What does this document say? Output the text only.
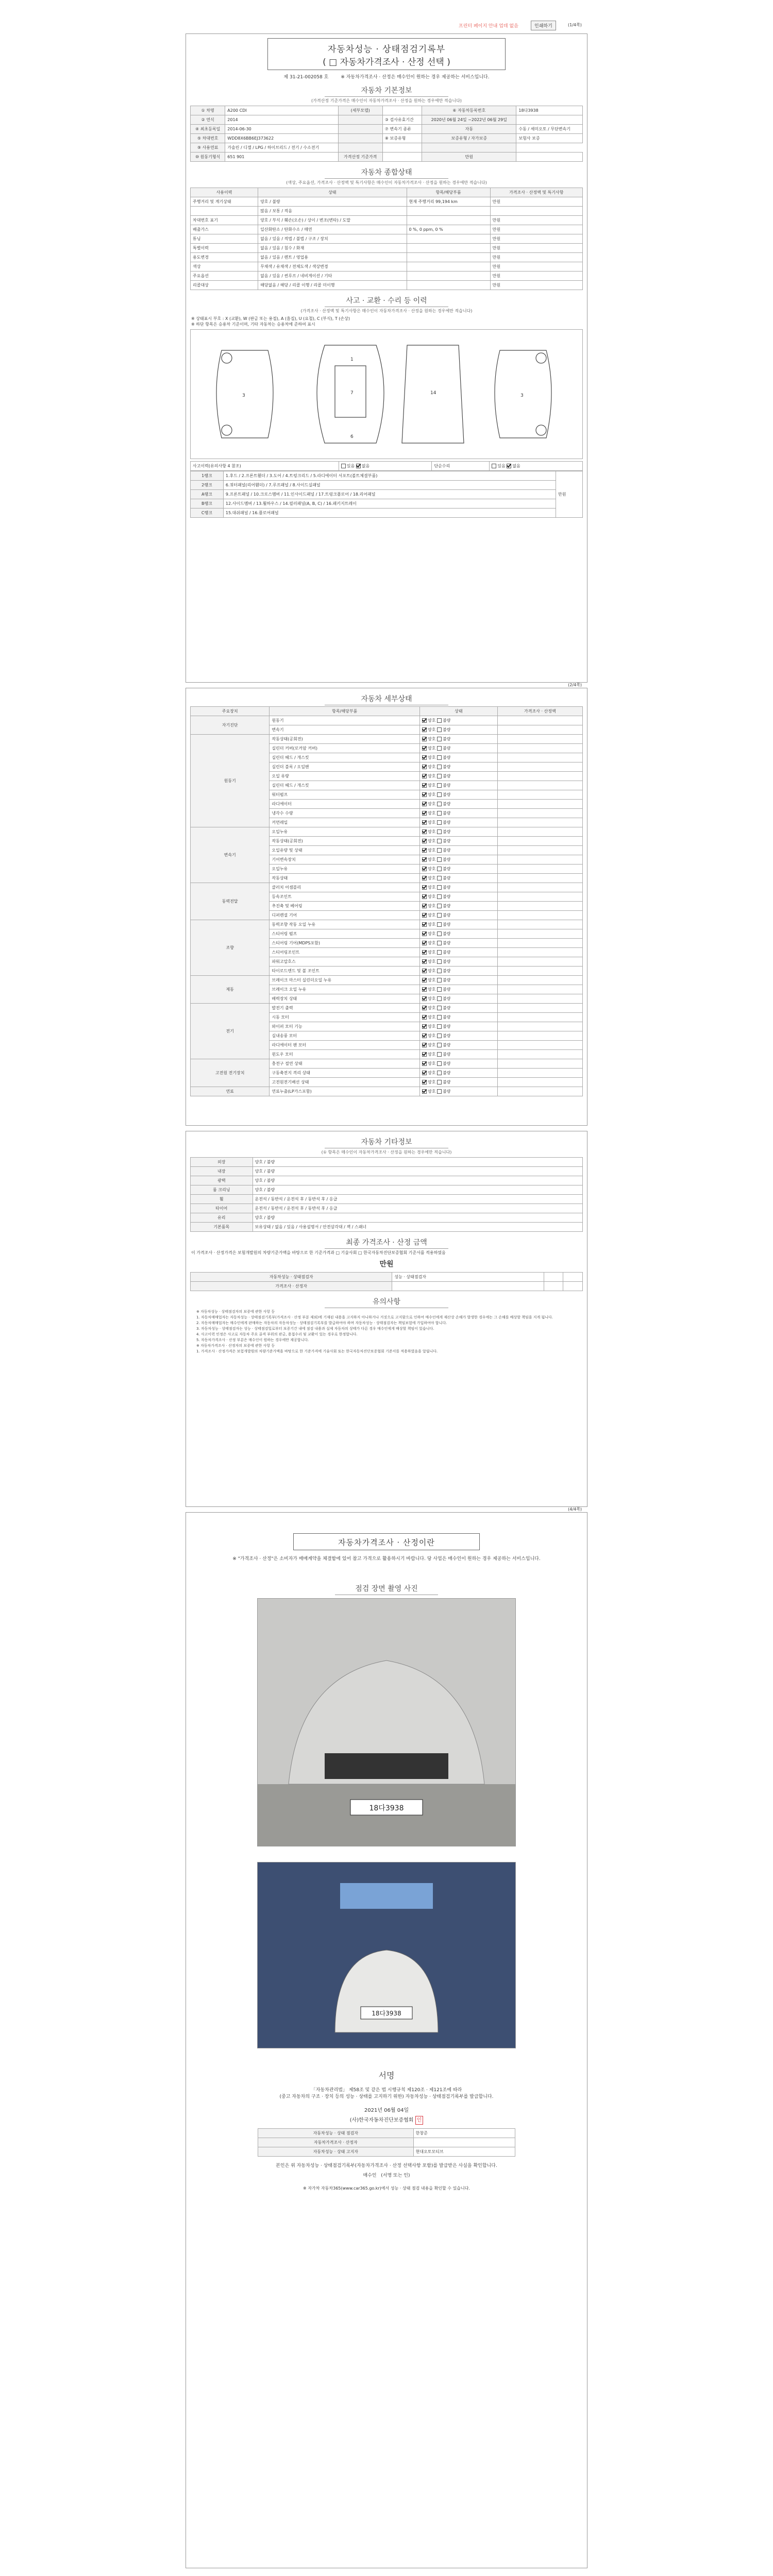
프린터 페이지 안내 업데 없음	인쇄하기	(1/4쪽)
자동차성능 · 상태점검기록부
( □ 자동차가격조사 · 산정 선택 )
제 31-21-002058 호	※ 자동차가격조사 · 산정은 매수인이 원하는 경우 제공하는 서비스입니다.
자동차 기본정보
(가격산정 기준가격은 매수인이 자동차가격조사 · 산정을 원하는 경우에만 적습니다)
① 차명	A200 CDI	(세부모델)		⑥ 자동차등록번호	18다3938
② 연식	2014		③ 검사유효기간	2020년 06월 24일 ~2022년 06월 29일	
④ 최초등록일	2014-06-30		⑦ 변속기 종류	자동	수동 / 세미오토 / 무단변속기
⑤ 차대번호	WDD8X6BB6EJ373622		⑧ 보증유형	보증유형 / 자가보증	보험사 보증
⑨ 사용연료	가솔린 / 디젤 / LPG / 하이브리드 / 전기 / 수소전기				
⑩ 원동기형식	651 901	가격산정 기준가격		만원	
자동차 종합상태
(색상, 주요옵션, 가격조사 · 산정액 및 특기사항은 매수인이 자동차가격조사 · 산정을 원하는 경우에만 적습니다)
사용이력	상태	항목/해당부품	가격조사 · 산정액 및 특기사항
주행거리 및 계기상태	양호 / 불량	현재 주행거리 99,194 km	만원
	많음 / 보통 / 적음		
차대번호 표기	양호 / 부식 / 훼손(오손) / 상이 / 변조(변타) / 도말		만원
배출가스	일산화탄소 / 탄화수소 / 매연	0 %, 0 ppm, 0 %	만원
튜닝	없음 / 있음 / 적법 / 불법 / 구조 / 장치		만원
특별이력	없음 / 있음 / 침수 / 화재		만원
용도변경	없음 / 있음 / 렌트 / 영업용		만원
색상	무채색 / 유채색 / 전체도색 / 색상변경		만원
주요옵션	없음 / 있음 / 썬루프 / 네비게이션 / 기타		만원
리콜대상	해당없음 / 해당 / 리콜 이행 / 리콜 미이행		만원
사고 · 교환 · 수리 등 이력
(가격조사 · 산정액 및 특기사항은 매수인이 자동차가격조사 · 산정을 원하는 경우에만 적습니다)
※ 상태표시 부호 : X (교환), W (판금 또는 용접), A (흠집), U (요철), C (부식), T (손상)
※ 하단 항목은 승용차 기준이며, 기타 자동차는 승용차에 준하여 표시
3	7
1
14	3
6
사고이력(유의사항 4 참조)	있음 없음	단순수리	있음 없음
1랭크	1.후드 / 2.프론트휀더 / 3.도어 / 4.트렁크리드 / 5.라디에이터 서포트(볼트체결부품)	만원
2랭크	6.쿼터패널(리어휀더) / 7.루프패널 / 8.사이드실패널	
A랭크	9.프론트패널 / 10.크로스멤버 / 11.인사이드패널 / 17.트렁크플로어 / 18.리어패널	
B랭크	12.사이드멤버 / 13.휠하우스 / 14.필러패널(A, B, C) / 16.패키지트레이	
C랭크	15.대쉬패널 / 16.플로어패널	
(2/4쪽)
자동차 세부상태
주요장치	항목/해당부품	상태	가격조사 · 산정액
자기진단	원동기	양호 불량	
	변속기	양호 불량	
원동기	작동상태(공회전)	양호 불량	
	실린더 커버(로커암 커버)	양호 불량	
	실린더 헤드 / 개스킷	양호 불량	
	실린더 블록 / 오일팬	양호 불량	
	오일 유량	양호 불량	
	실린더 헤드 / 개스킷	양호 불량	
	워터펌프	양호 불량	
	라디에이터	양호 불량	
	냉각수 수량	양호 불량	
	커먼레일	양호 불량	
변속기	오일누유	양호 불량	
	작동상태(공회전)	양호 불량	
	오일유량 및 상태	양호 불량	
	기어변속장치	양호 불량	
	오일누유	양호 불량	
	작동상태	양호 불량	
동력전달	클러치 어셈블리	양호 불량	
	등속조인트	양호 불량	
	추진축 및 베어링	양호 불량	
	디퍼렌셜 기어	양호 불량	
조향	동력조향 작동 오일 누유	양호 불량	
	스티어링 펌프	양호 불량	
	스티어링 기어(MDPS포함)	양호 불량	
	스티어링조인트	양호 불량	
	파워고압호스	양호 불량	
	타이로드엔드 및 볼 조인트	양호 불량	
제동	브레이크 마스터 실린더오일 누유	양호 불량	
	브레이크 오일 누유	양호 불량	
	배력장치 상태	양호 불량	
전기	발전기 출력	양호 불량	
	시동 모터	양호 불량	
	와이퍼 모터 기능	양호 불량	
	실내송풍 모터	양호 불량	
	라디에이터 팬 모터	양호 불량	
	윈도우 모터	양호 불량	
고전원 전기장치	충전구 절연 상태	양호 불량	
	구동축전지 격리 상태	양호 불량	
	고전원전기배선 상태	양호 불량	
연료	연료누출(LP가스포함)	양호 불량	
자동차 기타정보
(① 항목은 매수인이 자동차가격조사 · 산정을 원하는 경우에만 적습니다)
외장	양호 / 불량
내장	양호 / 불량
광택	양호 / 불량
룸 크리닝	양호 / 불량
휠	운전석 / 동반석 / 운전석 후 / 동반석 후 / 응급
타이어	운전석 / 동반석 / 운전석 후 / 동반석 후 / 응급
유리	양호 / 불량
기본품목	보유상태 / 없음 / 있음 / 사용설명서 / 안전삼각대 / 잭 / 스패너
최종 가격조사 · 산정 금액
이 가격조사 · 산정가격은 보험개발원의 차량기준가액을 바탕으로 한 기준가격과 □ 기술사회 □ 한국자동차진단보증협회 기준서를 적용하였음
만원
자동차성능 · 상태점검자	성능 · 상태점검자		
가격조사 · 산정자			
유의사항
※ 자동차성능 · 상태점검자의 보증에 관한 사항 등
1. 자동차매매업자는 자동차성능 · 상태점검기록부(가격조사 · 산정 부분 제외)에 기재된 내용을 고지하지 아니하거나 거짓으로 고지함으로 인하여 매수인에게 재산상 손해가 발생한 경우에는 그 손해를 배상할 책임을 지게 됩니다.
2. 자동차매매업자는 매수인에게 판매하는 자동차의 자동차성능 · 상태점검기록부를 발급하여야 하며 자동차성능 · 상태점검자는 책임보험에 가입하여야 합니다.
3. 자동차성능 · 상태점검자는 성능 · 상태점검일로부터 보증기간 내에 점검 내용과 실제 자동차의 상태가 다른 경우 매수인에게 배상할 책임이 있습니다.
4. 사고이력 인정은 사고로 자동차 주요 골격 부위의 판금, 용접수리 및 교환이 있는 경우로 한정합니다.
5. 자동차가격조사 · 산정 부분은 매수인이 원하는 경우에만 제공합니다.
※ 자동차가격조사 · 산정자의 보증에 관한 사항 등
1. 가격조사 · 산정가격은 보험개발원의 차량기준가액을 바탕으로 한 기준가격에 기술사회 또는 한국자동차진단보증협회 기준서를 적용하였음을 알립니다.
(4/4쪽)
자동차가격조사 · 산정이란
※ "가격조사 · 산정"은 소비자가 매매계약을 체결함에 있어 참고 가격으로 활용하시기 바랍니다. 당 사업은 매수인이 원하는 경우 제공하는 서비스입니다.
점검 장면 촬영 사진
18다3938
18다3938
서명
「자동차관리법」 제58조 및 같은 법 시행규칙 제120조 · 제121조에 따라
(중고 자동차의 구조 · 장치 등의 성능 · 상태를 고지하기 위한) 자동차성능 · 상태점검기록부를 발급합니다.
2021년 06월 04일
(사)한국자동차진단보증협회 인
자동차성능 · 상태 점검자	한창준
자동차가격조사 · 산정자	
자동차성능 · 상태 고지자	현대오토모티브
본인은 위 자동차성능 · 상태점검기록부(자동차가격조사 · 산정 선택사항 포함)를 발급받은 사실을 확인합니다.
매수인 (서명 또는 인)
※ 자가차 자동차365(www.car365.go.kr)에서 성능 · 상태 점검 내용을 확인할 수 있습니다.
